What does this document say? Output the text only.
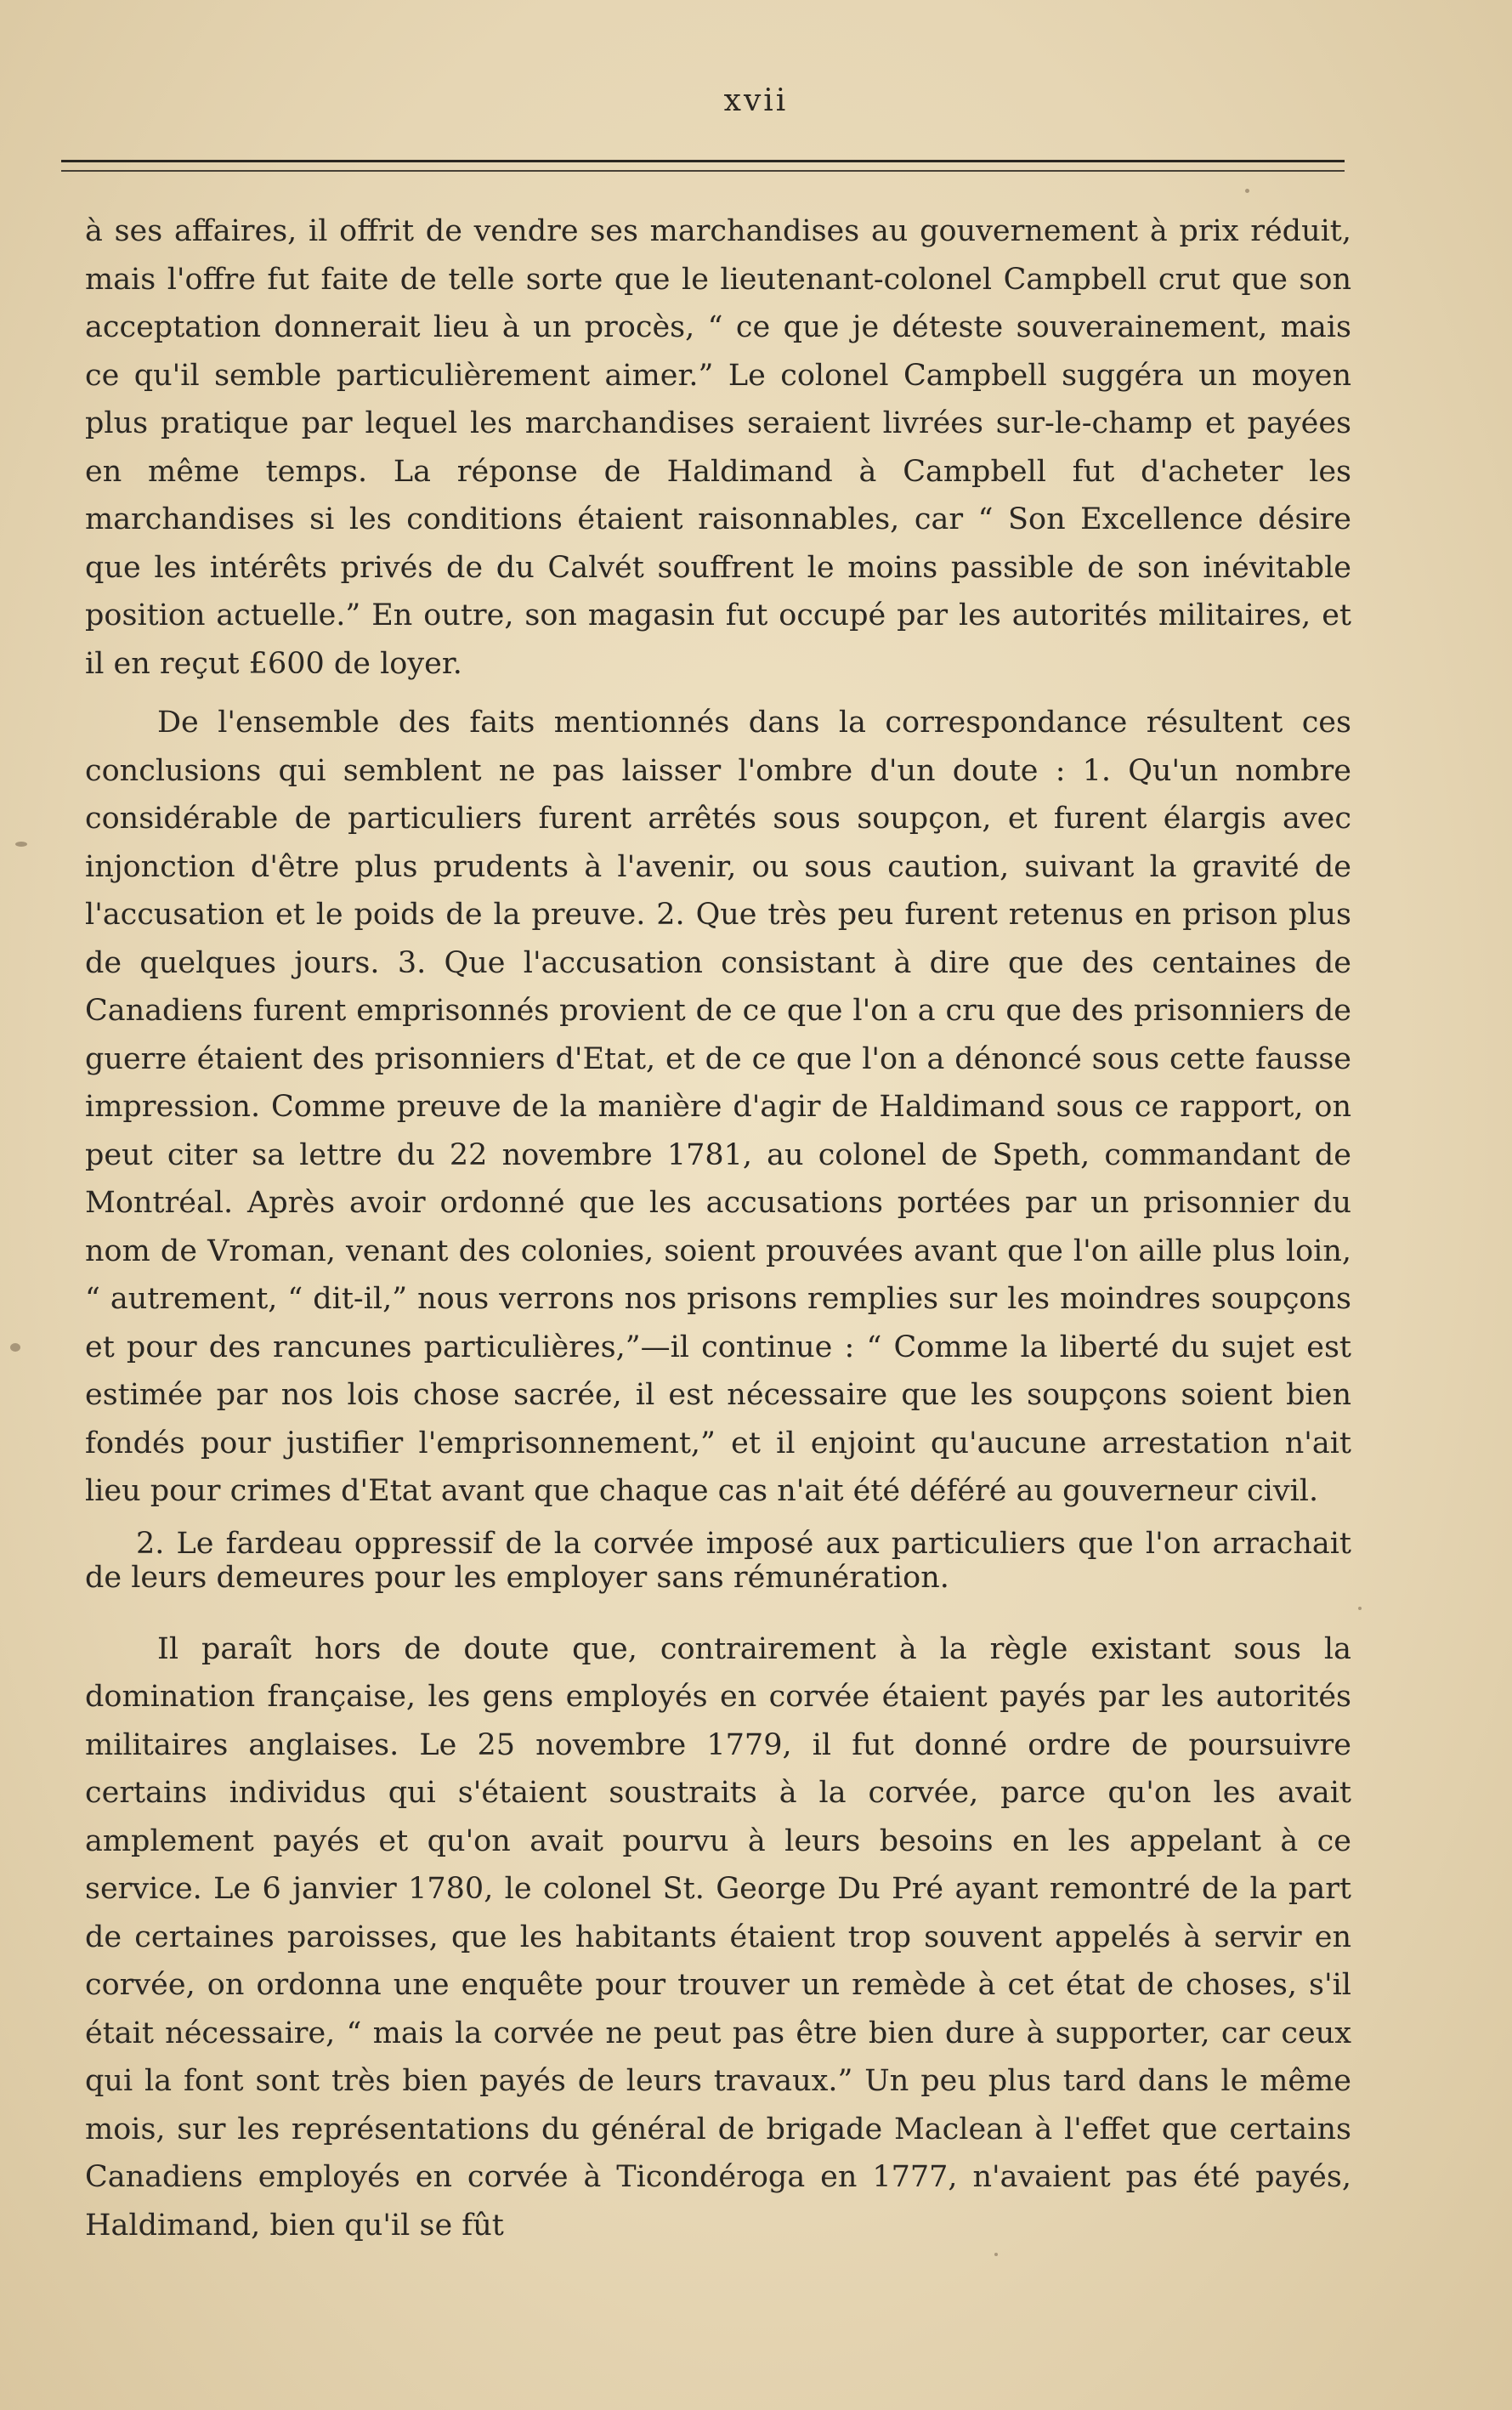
xvii

à ses affaires, il offrit de vendre ses marchandises au gouvernement à prix réduit, mais l'offre fut faite de telle sorte que le lieutenant-colonel Campbell crut que son acceptation donnerait lieu à un procès, “ ce que je déteste souverainement, mais ce qu'il semble particulièrement aimer.” Le colonel Campbell suggéra un moyen plus pratique par lequel les marchandises seraient livrées sur-le-champ et payées en même temps. La réponse de Haldimand à Campbell fut d'acheter les marchandises si les conditions étaient raisonnables, car “ Son Excellence désire que les intérêts privés de du Calvét souffrent le moins passible de son inévitable position actuelle.” En outre, son magasin fut occupé par les autorités militaires, et il en reçut £600 de loyer.

De l'ensemble des faits mentionnés dans la correspondance résultent ces conclusions qui semblent ne pas laisser l'ombre d'un doute : 1. Qu'un nombre considérable de particuliers furent arrêtés sous soupçon, et furent élargis avec injonction d'être plus prudents à l'avenir, ou sous caution, suivant la gravité de l'accusation et le poids de la preuve. 2. Que très peu furent retenus en prison plus de quelques jours. 3. Que l'accusation consistant à dire que des centaines de Canadiens furent emprisonnés provient de ce que l'on a cru que des prisonniers de guerre étaient des prisonniers d'Etat, et de ce que l'on a dénoncé sous cette fausse impression. Comme preuve de la manière d'agir de Haldimand sous ce rapport, on peut citer sa lettre du 22 novembre 1781, au colonel de Speth, commandant de Montréal. Après avoir ordonné que les accusations portées par un prisonnier du nom de Vroman, venant des colonies, soient prouvées avant que l'on aille plus loin, “ autrement, “ dit-il,” nous verrons nos prisons remplies sur les moindres soupçons et pour des rancunes particulières,”—il continue : “ Comme la liberté du sujet est estimée par nos lois chose sacrée, il est nécessaire que les soupçons soient bien fondés pour justifier l'emprisonnement,” et il enjoint qu'aucune arrestation n'ait lieu pour crimes d'Etat avant que chaque cas n'ait été déféré au gouverneur civil.

2. Le fardeau oppressif de la corvée imposé aux particuliers que l'on arrachait de leurs demeures pour les employer sans rémunération.

Il paraît hors de doute que, contrairement à la règle existant sous la domination française, les gens employés en corvée étaient payés par les autorités militaires anglaises. Le 25 novembre 1779, il fut donné ordre de poursuivre certains individus qui s'étaient soustraits à la corvée, parce qu'on les avait amplement payés et qu'on avait pourvu à leurs besoins en les appelant à ce service. Le 6 janvier 1780, le colonel St. George Du Pré ayant remontré de la part de certaines paroisses, que les habitants étaient trop souvent appelés à servir en corvée, on ordonna une enquête pour trouver un remède à cet état de choses, s'il était nécessaire, “ mais la corvée ne peut pas être bien dure à supporter, car ceux qui la font sont très bien payés de leurs travaux.” Un peu plus tard dans le même mois, sur les représentations du général de brigade Maclean à l'effet que certains Canadiens employés en corvée à Ticondéroga en 1777, n'avaient pas été payés, Haldimand, bien qu'il se fût
